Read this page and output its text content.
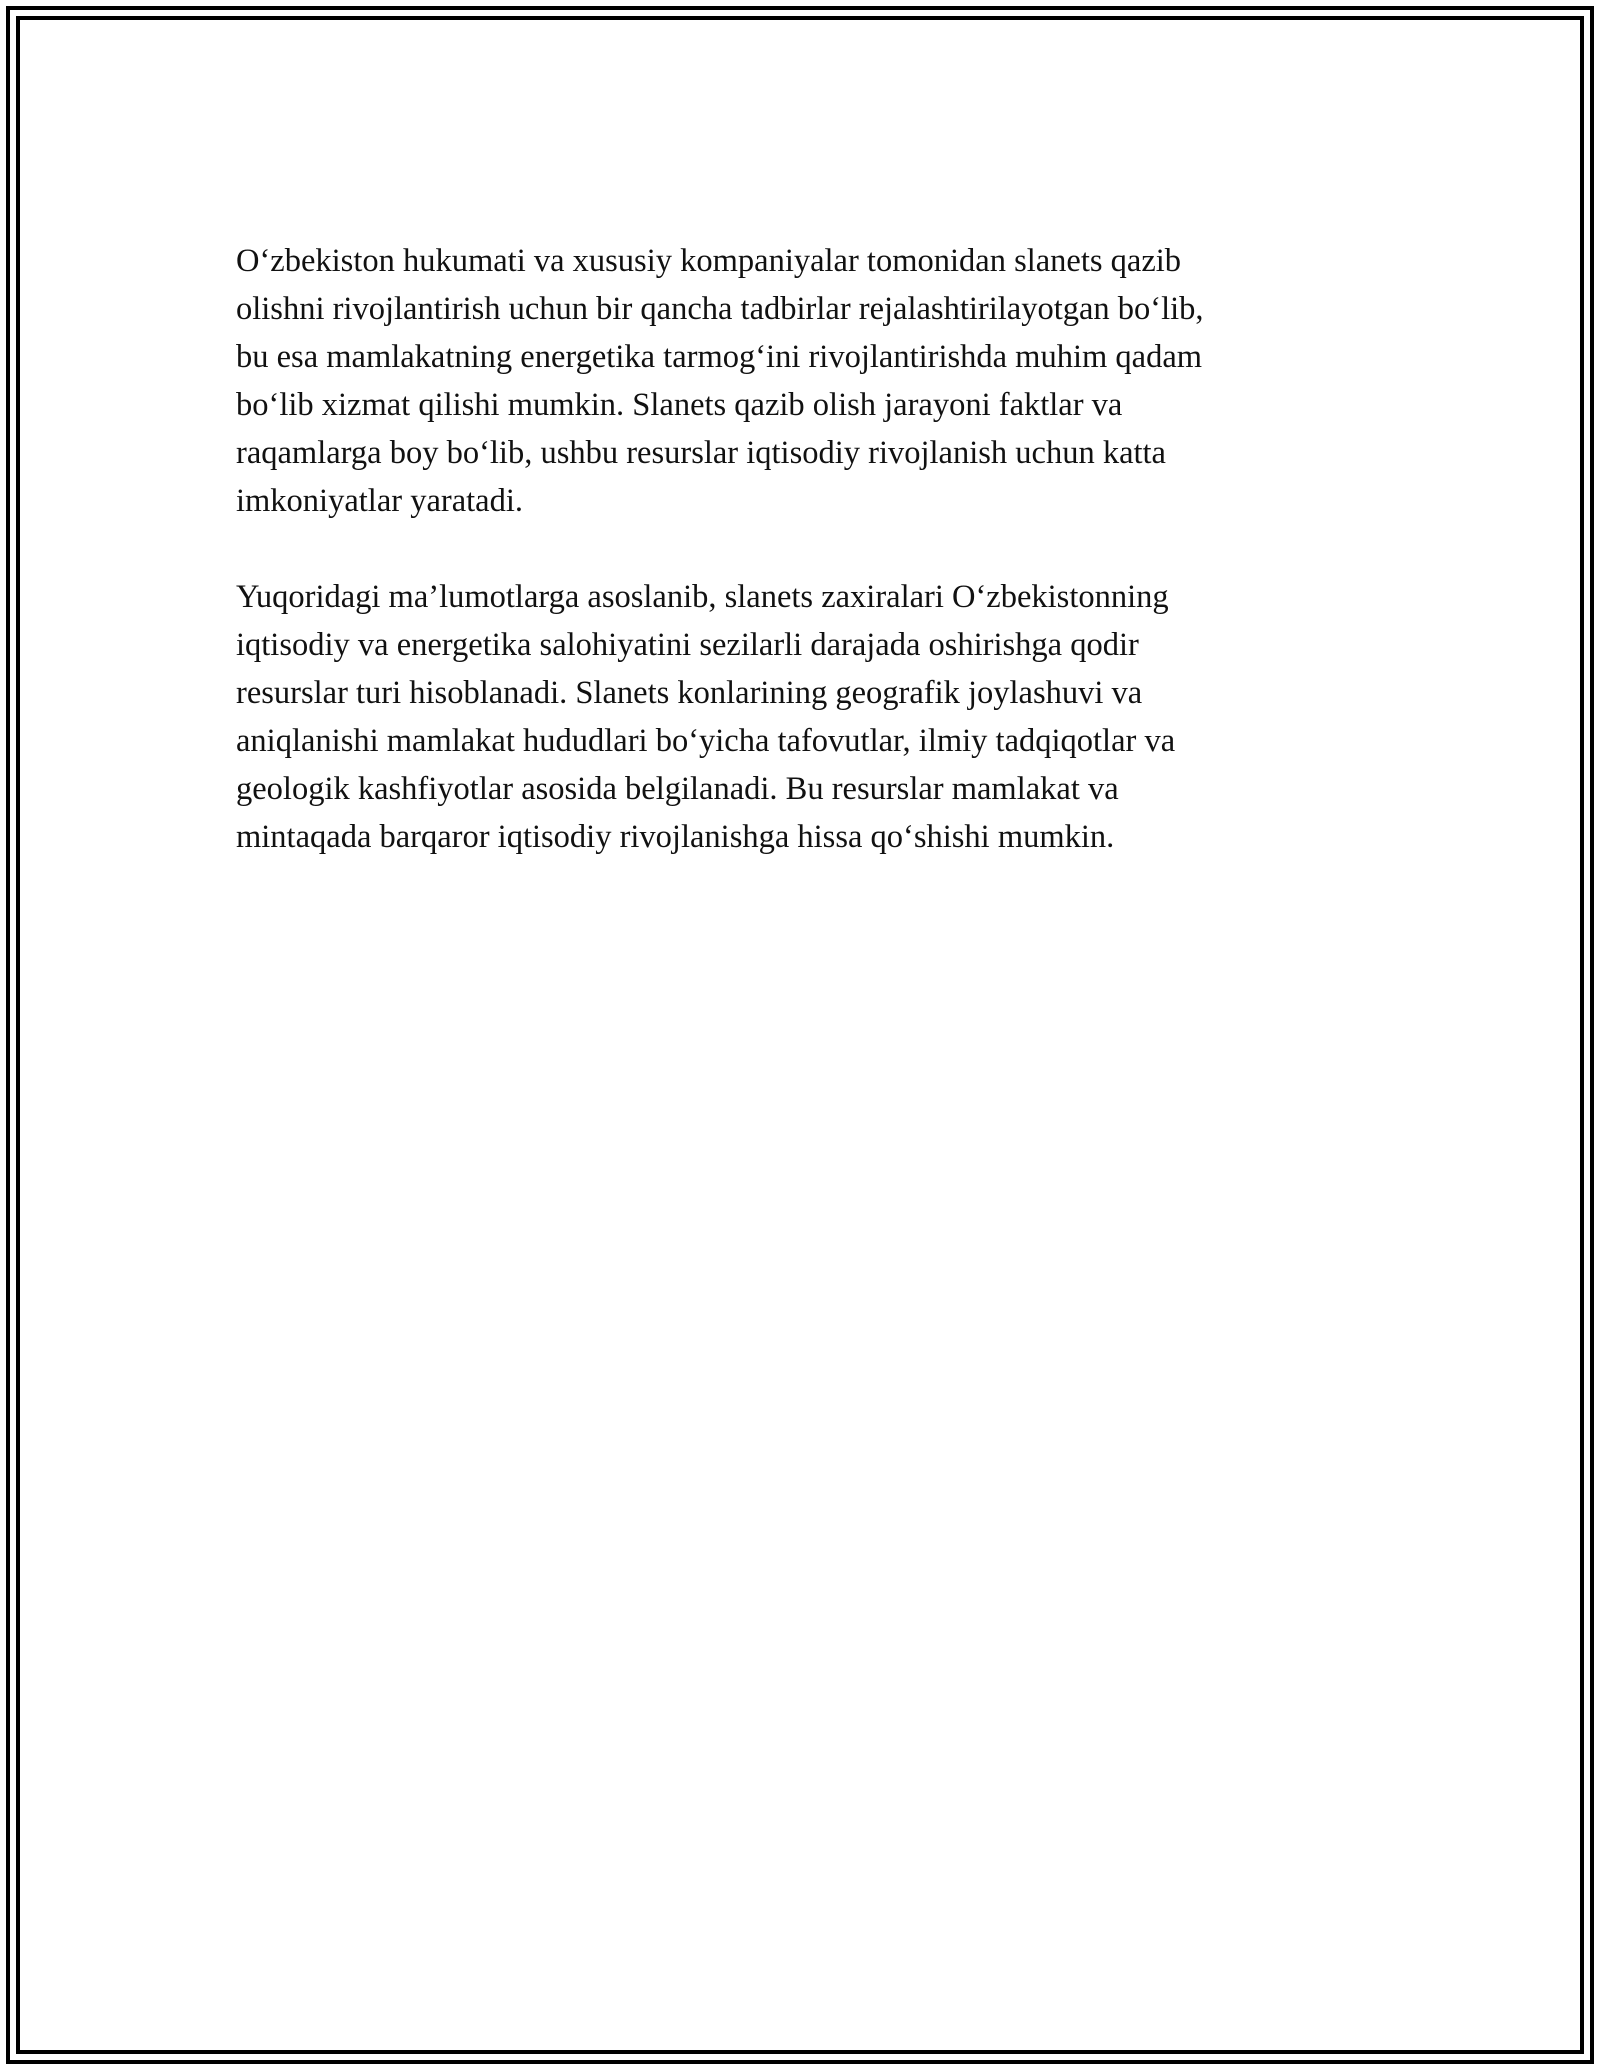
O‘zbekiston hukumati va xususiy kompaniyalar tomonidan slanets qazib
olishni rivojlantirish uchun bir qancha tadbirlar rejalashtirilayotgan bo‘lib,
bu esa mamlakatning energetika tarmog‘ini rivojlantirishda muhim qadam
bo‘lib xizmat qilishi mumkin. Slanets qazib olish jarayoni faktlar va
raqamlarga boy bo‘lib, ushbu resurslar iqtisodiy rivojlanish uchun katta
imkoniyatlar yaratadi.

Yuqoridagi ma’lumotlarga asoslanib, slanets zaxiralari O‘zbekistonning
iqtisodiy va energetika salohiyatini sezilarli darajada oshirishga qodir
resurslar turi hisoblanadi. Slanets konlarining geografik joylashuvi va
aniqlanishi mamlakat hududlari bo‘yicha tafovutlar, ilmiy tadqiqotlar va
geologik kashfiyotlar asosida belgilanadi. Bu resurslar mamlakat va
mintaqada barqaror iqtisodiy rivojlanishga hissa qo‘shishi mumkin.
